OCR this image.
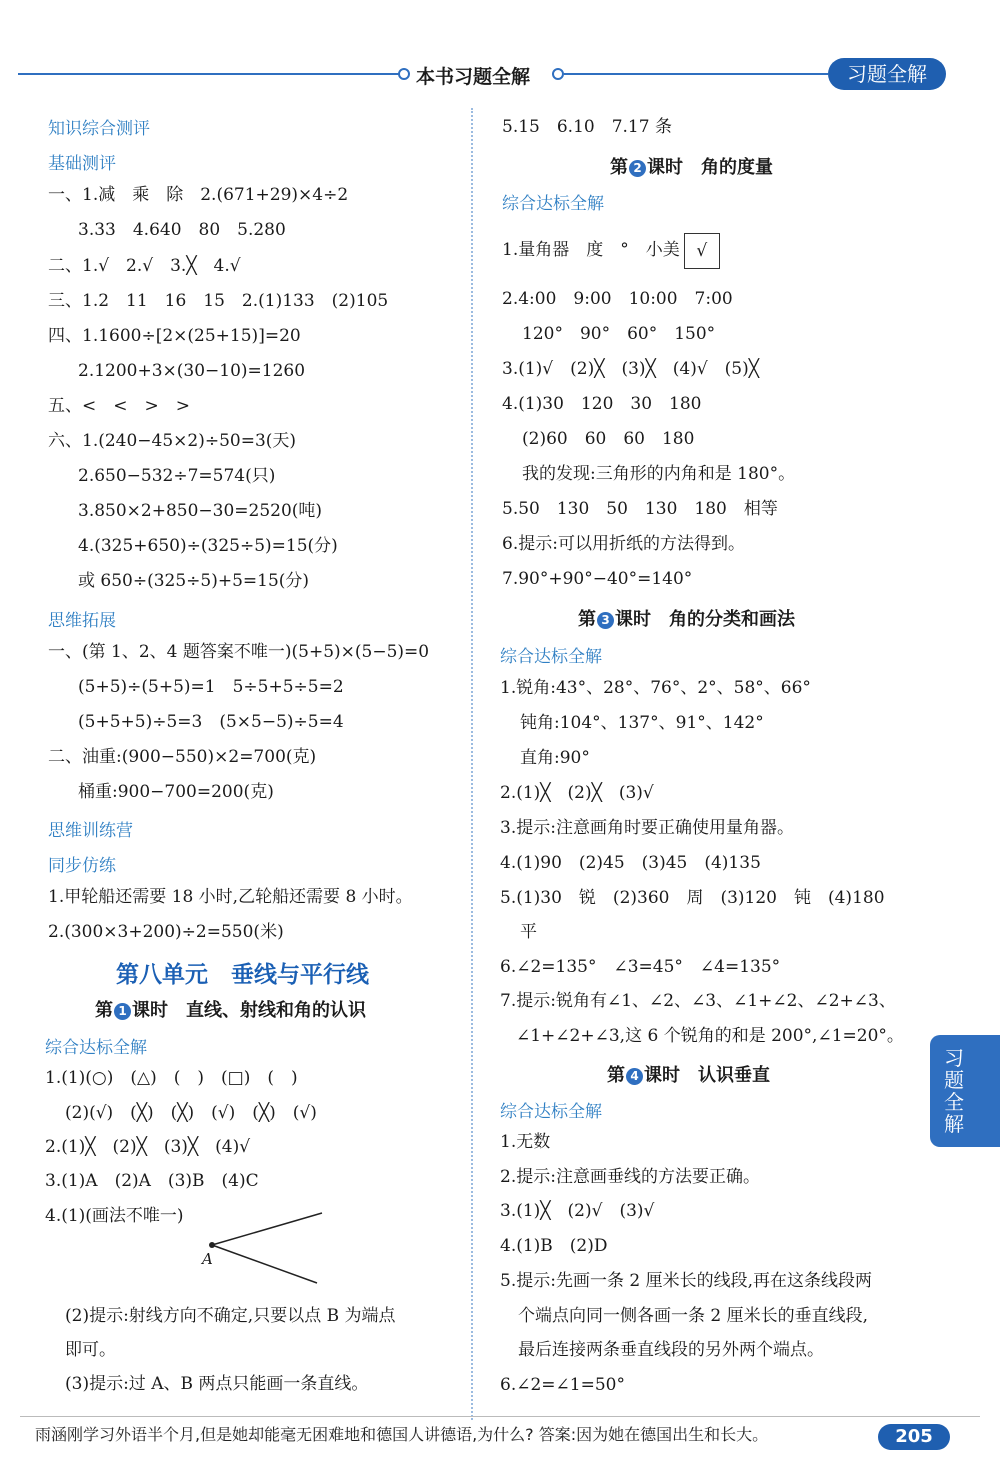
本书习题全解	习题全解
知识综合测评
基础测评
一、1.减　乘　除　2.(671+29)×4÷2
3.33　4.640　80　5.280
二、1.√　2.√　3.╳　4.√
三、1.2　11　16　15　2.(1)133　(2)105
四、1.1600÷[2×(25+15)]=20
2.1200+3×(30−10)=1260
五、<　<　>　>
六、1.(240−45×2)÷50=3(天)
2.650−532÷7=574(只)
3.850×2+850−30=2520(吨)
4.(325+650)÷(325÷5)=15(分)
或 650÷(325÷5)+5=15(分)
思维拓展
一、(第 1、2、4 题答案不唯一)(5+5)×(5−5)=0
(5+5)÷(5+5)=1　5÷5+5÷5=2
(5+5+5)÷5=3　(5×5−5)÷5=4
二、油重:(900−550)×2=700(克)
桶重:900−700=200(克)
思维训练营
同步仿练
1.甲轮船还需要 18 小时,乙轮船还需要 8 小时。
2.(300×3+200)÷2=550(米)
第八单元　垂线与平行线
第 1 课时　直线、射线和角的认识
综合达标全解
1.(1)(○)　(△)　(　)　(□)　(　)
(2)(√)　(╳)　(╳)　(√)　(╳)　(√)
2.(1)╳　(2)╳　(3)╳　(4)√
3.(1)A　(2)A　(3)B　(4)C
4.(1)(画法不唯一)
A
(2)提示:射线方向不确定,只要以点 B 为端点
即可。
(3)提示:过 A、B 两点只能画一条直线。
5.15　6.10　7.17 条
第 2 课时　角的度量
综合达标全解
1.量角器　度　°　小美 √
2.4:00　9:00　10:00　7:00
120°　90°　60°　150°
3.(1)√　(2)╳　(3)╳　(4)√　(5)╳
4.(1)30　120　30　180
(2)60　60　60　180
我的发现:三角形的内角和是 180°。
5.50　130　50　130　180　相等
6.提示:可以用折纸的方法得到。
7.90°+90°−40°=140°
第 3 课时　角的分类和画法
综合达标全解
1.锐角:43°、28°、76°、2°、58°、66°
钝角:104°、137°、91°、142°
直角:90°
2.(1)╳　(2)╳　(3)√
3.提示:注意画角时要正确使用量角器。
4.(1)90　(2)45　(3)45　(4)135
5.(1)30　锐　(2)360　周　(3)120　钝　(4)180
平
6.∠2=135°　∠3=45°　∠4=135°
7.提示:锐角有∠1、∠2、∠3、∠1+∠2、∠2+∠3、
∠1+∠2+∠3,这 6 个锐角的和是 200°,∠1=20°。
第 4 课时　认识垂直
综合达标全解
1.无数
2.提示:注意画垂线的方法要正确。
3.(1)╳　(2)√　(3)√
4.(1)B　(2)D
5.提示:先画一条 2 厘米长的线段,再在这条线段两
个端点向同一侧各画一条 2 厘米长的垂直线段,
最后连接两条垂直线段的另外两个端点。
6.∠2=∠1=50°
习题全解
雨涵刚学习外语半个月,但是她却能毫无困难地和德国人讲德语,为什么? 答案:因为她在德国出生和长大。	205
